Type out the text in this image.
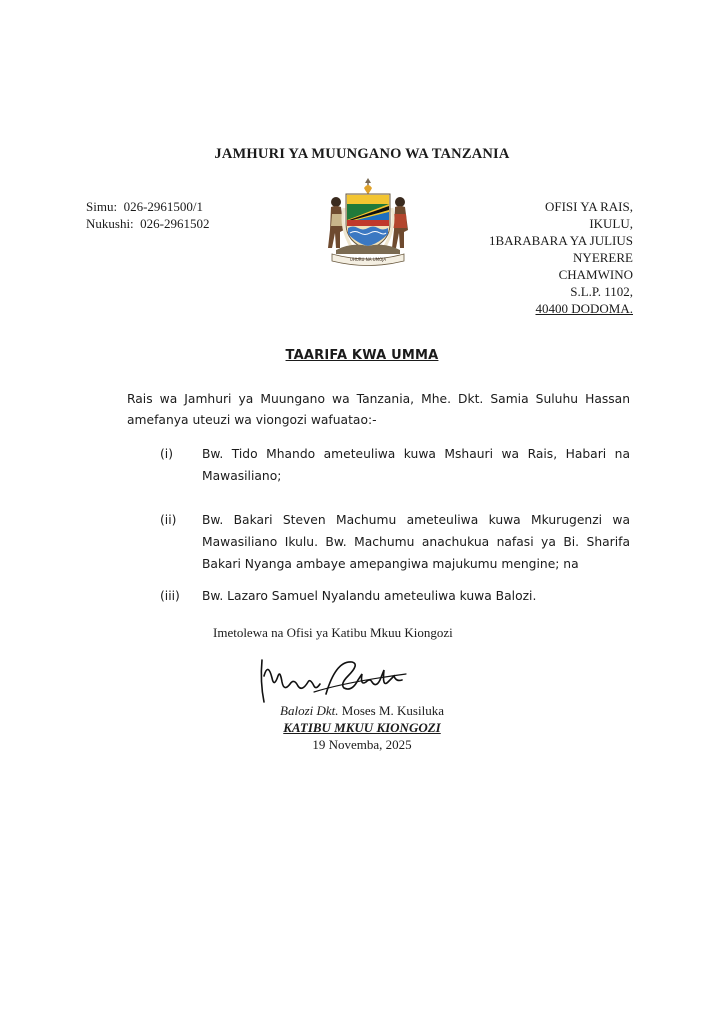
JAMHURI YA MUUNGANO WA TANZANIA
Simu: 026-2961500/1
Nukushi: 026-2961502
UHURU NA UMOJA
OFISI YA RAIS,
IKULU,
1BARABARA YA JULIUS
NYERERE
CHAMWINO
S.L.P. 1102,
40400 DODOMA.
TAARIFA KWA UMMA
Rais wa Jamhuri ya Muungano wa Tanzania, Mhe. Dkt. Samia Suluhu Hassan amefanya uteuzi wa viongozi wafuatao:-
(i) Bw. Tido Mhando ameteuliwa kuwa Mshauri wa Rais, Habari na Mawasiliano;
(ii) Bw. Bakari Steven Machumu ameteuliwa kuwa Mkurugenzi wa Mawasiliano Ikulu. Bw. Machumu anachukua nafasi ya Bi. Sharifa Bakari Nyanga ambaye amepangiwa majukumu mengine; na
(iii) Bw. Lazaro Samuel Nyalandu ameteuliwa kuwa Balozi.
Imetolewa na Ofisi ya Katibu Mkuu Kiongozi
Balozi Dkt. Moses M. Kusiluka
KATIBU MKUU KIONGOZI
19 Novemba, 2025
